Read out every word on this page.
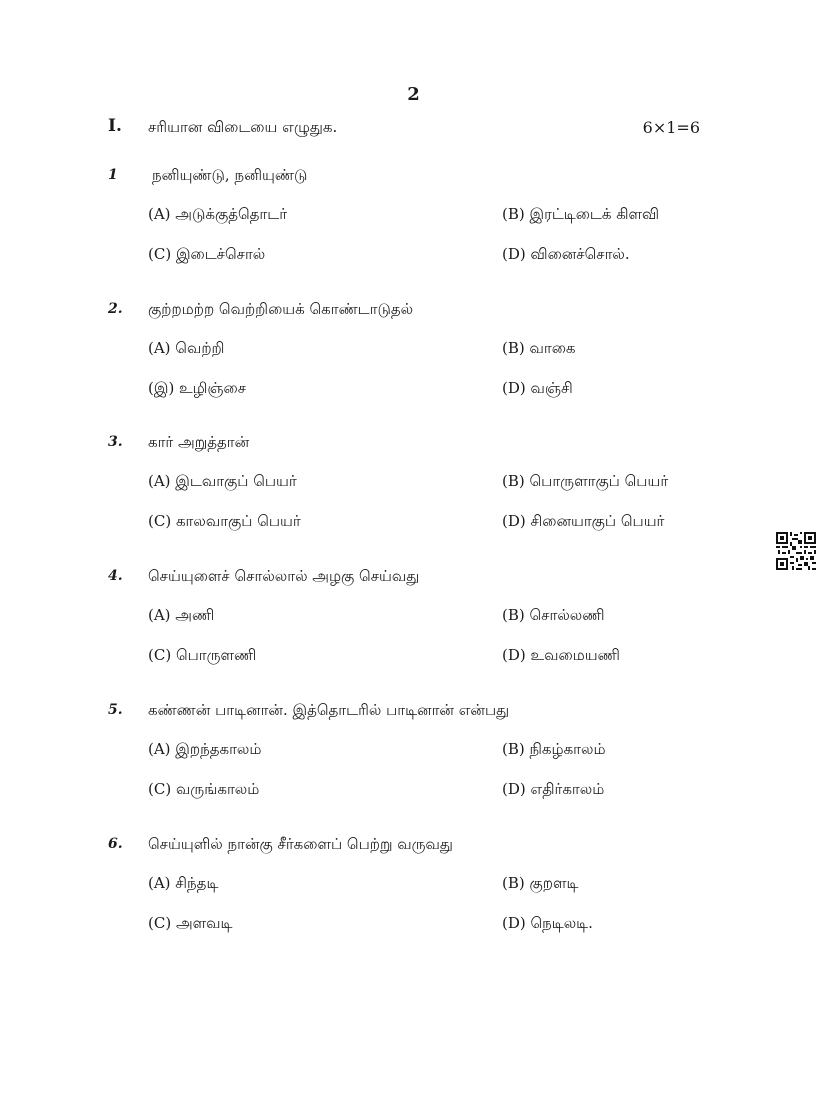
2
I. சரியான விடையை எழுதுக.	6×1=6
1 நனியுண்டு, நனியுண்டு
(A) அடுக்குத்தொடர்	(B) இரட்டிடைக் கிளவி
(C) இடைச்சொல்	(D) வினைச்சொல்.
2. குற்றமற்ற வெற்றியைக் கொண்டாடுதல்
(A) வெற்றி	(B) வாகை
(இ) உழிஞ்சை	(D) வஞ்சி
3. கார் அறுத்தான்
(A) இடவாகுப் பெயர்	(B) பொருளாகுப் பெயர்
(C) காலவாகுப் பெயர்	(D) சினையாகுப் பெயர்
4. செய்யுளைச் சொல்லால் அழகு செய்வது
(A) அணி	(B) சொல்லணி
(C) பொருளணி	(D) உவமையணி
5. கண்ணன் பாடினான். இத்தொடரில் பாடினான் என்பது
(A) இறந்தகாலம்	(B) நிகழ்காலம்
(C) வருங்காலம்	(D) எதிர்காலம்
6. செய்யுளில் நான்கு சீர்களைப் பெற்று வருவது
(A) சிந்தடி	(B) குறளடி
(C) அளவடி	(D) நெடிலடி.
